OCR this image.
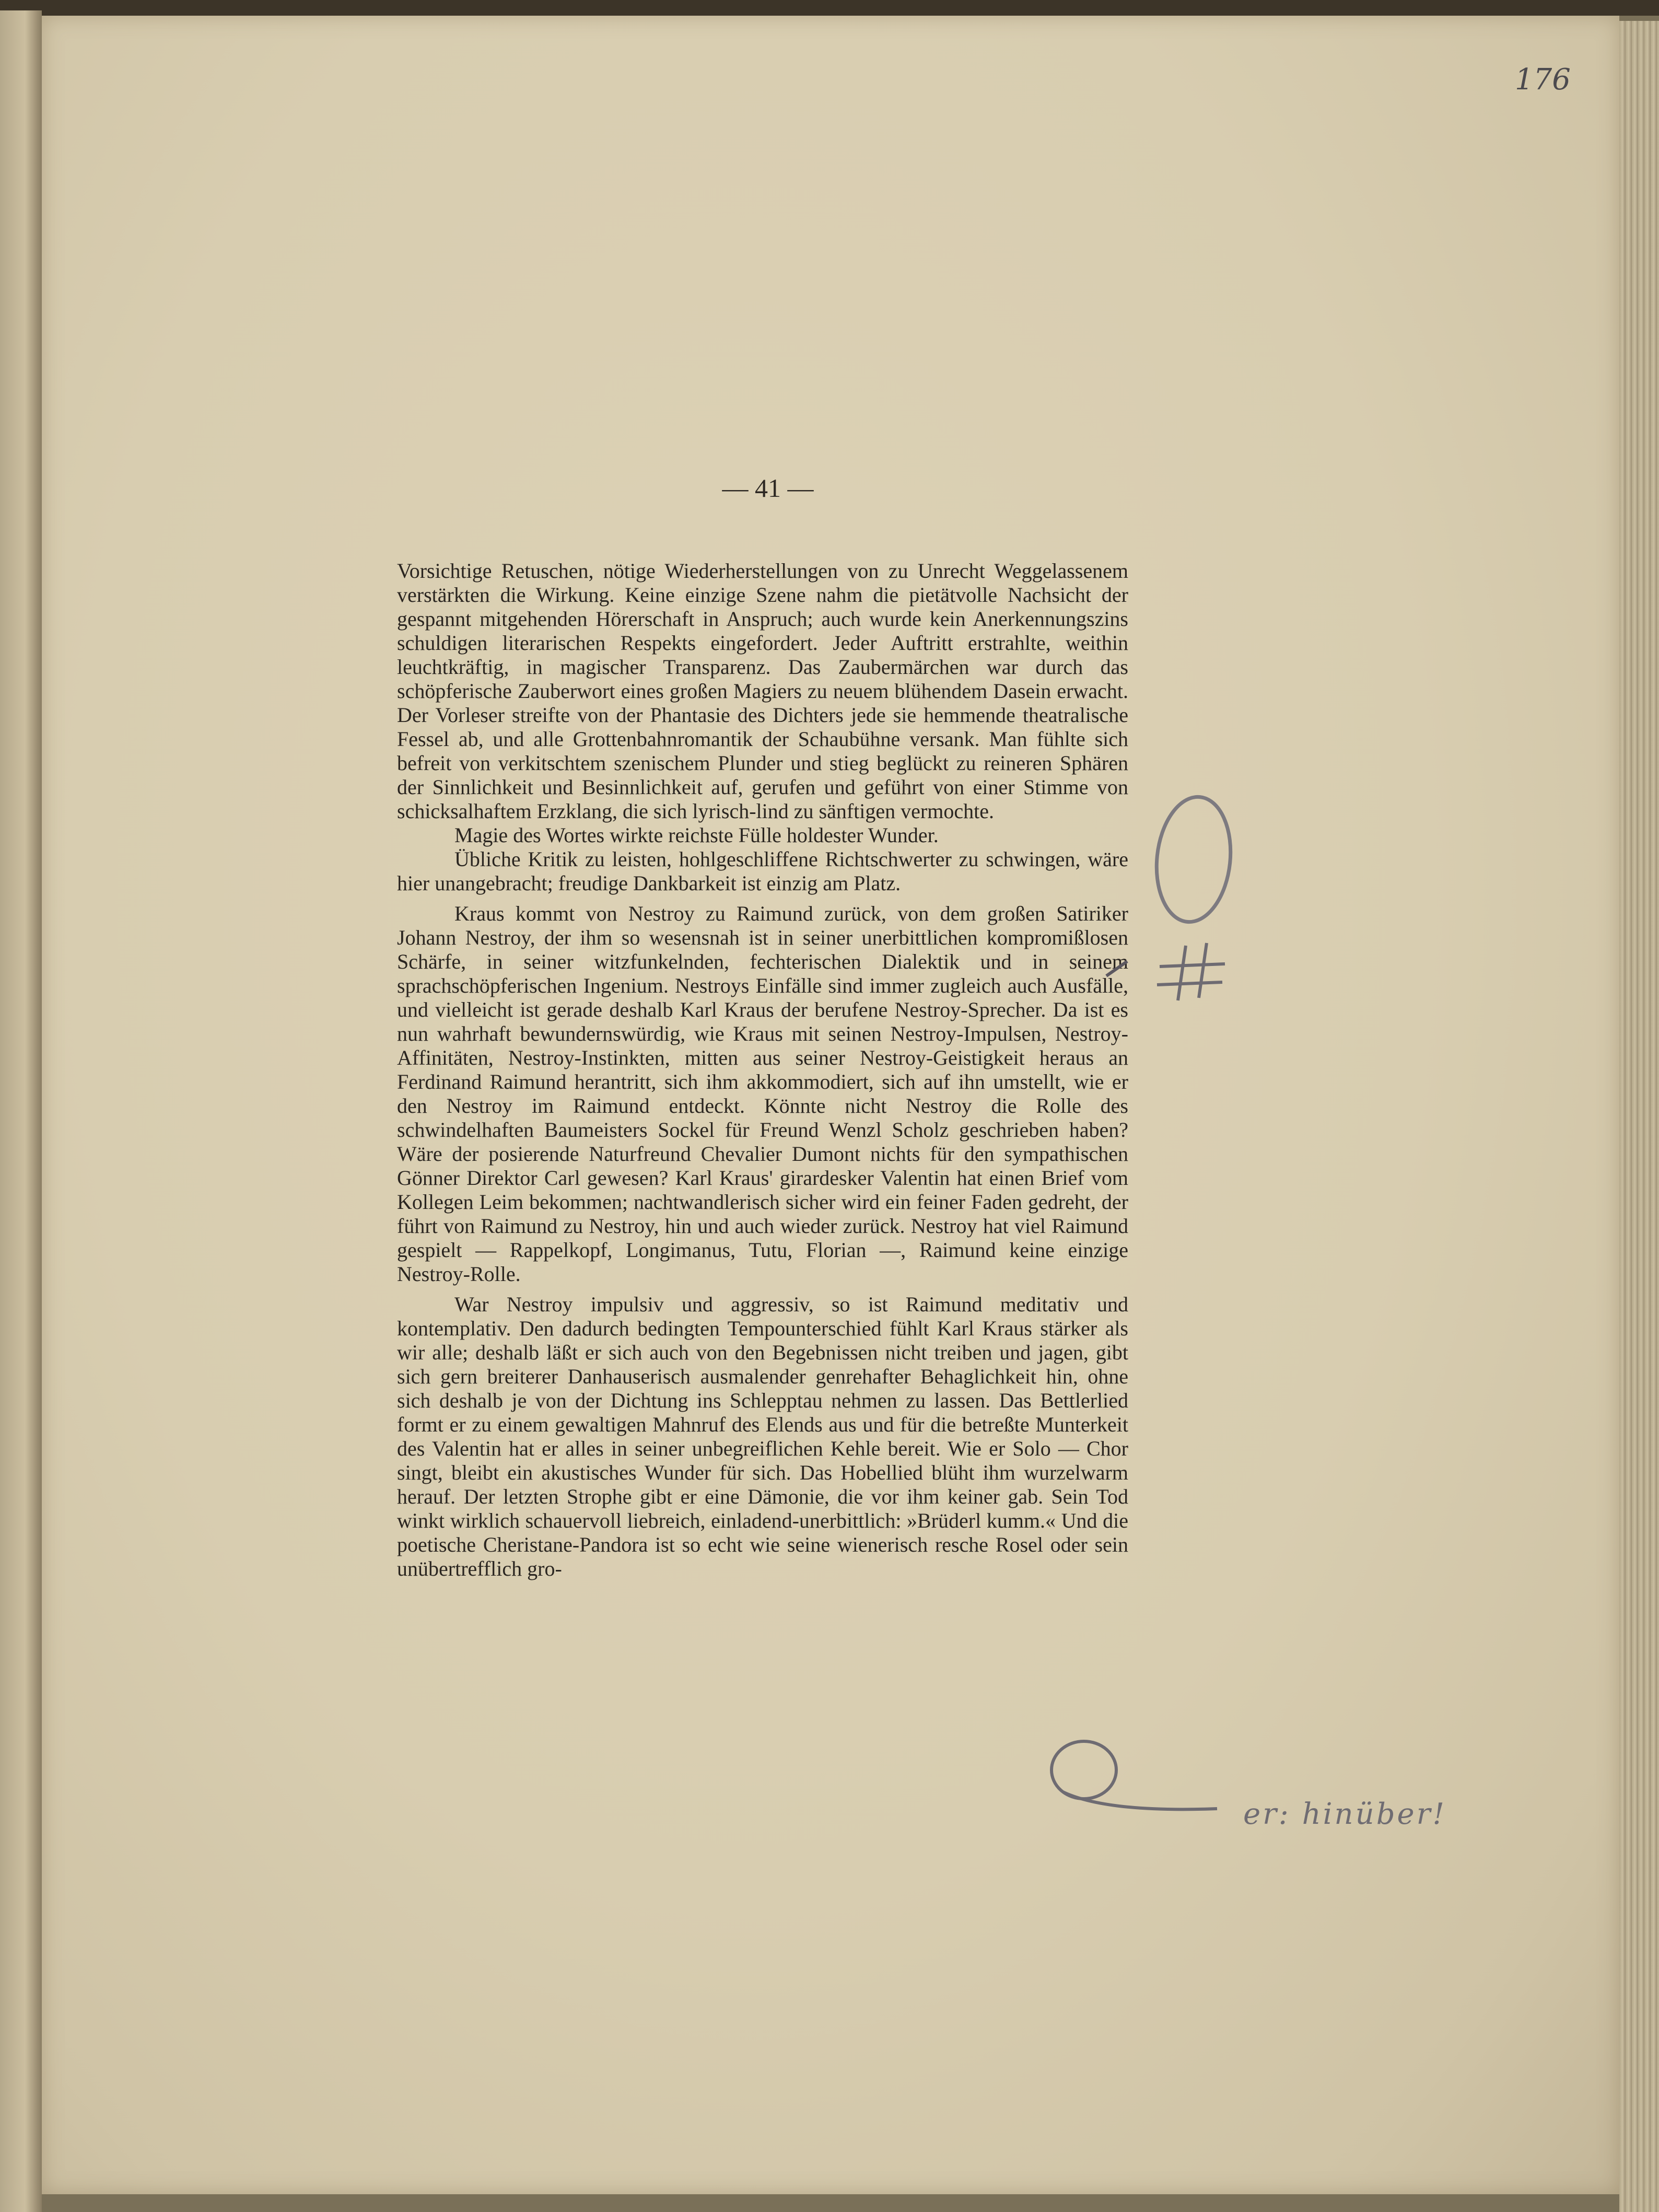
176
— 41 —

Vorsichtige Retuschen, nötige Wiederherstellungen von zu Unrecht Weggelassenem verstärkten die Wirkung. Keine einzige Szene nahm die pietätvolle Nachsicht der gespannt mitgehenden Hörerschaft in Anspruch; auch wurde kein Anerkennungszins schuldigen literarischen Respekts eingefordert. Jeder Auftritt erstrahlte, weithin leuchtkräftig, in magischer Transparenz. Das Zaubermärchen war durch das schöpferische Zauberwort eines großen Magiers zu neuem blühendem Dasein erwacht. Der Vorleser streifte von der Phantasie des Dichters jede sie hemmende theatralische Fessel ab, und alle Grottenbahnromantik der Schaubühne versank. Man fühlte sich befreit von verkitschtem szenischem Plunder und stieg beglückt zu reineren Sphären der Sinnlichkeit und Besinnlichkeit auf, gerufen und geführt von einer Stimme von schicksalhaftem Erzklang, die sich lyrisch-lind zu sänftigen vermochte.

Magie des Wortes wirkte reichste Fülle holdester Wunder.

Übliche Kritik zu leisten, hohlgeschliffene Richtschwerter zu schwingen, wäre hier unangebracht; freudige Dankbarkeit ist einzig am Platz.

Kraus kommt von Nestroy zu Raimund zurück, von dem großen Satiriker Johann Nestroy, der ihm so wesensnah ist in seiner unerbittlichen kompromißlosen Schärfe, in seiner witzfunkelnden, fechterischen Dialektik und in seinem sprachschöpferischen Ingenium. Nestroys Einfälle sind immer zugleich auch Ausfälle, und vielleicht ist gerade deshalb Karl Kraus der berufene Nestroy-Sprecher. Da ist es nun wahrhaft bewundernswürdig, wie Kraus mit seinen Nestroy-Impulsen, Nestroy-Affinitäten, Nestroy-Instinkten, mitten aus seiner Nestroy-Geistigkeit heraus an Ferdinand Raimund herantritt, sich ihm akkommodiert, sich auf ihn umstellt, wie er den Nestroy im Raimund entdeckt. Könnte nicht Nestroy die Rolle des schwindelhaften Baumeisters Sockel für Freund Wenzl Scholz geschrieben haben? Wäre der posierende Naturfreund Chevalier Dumont nichts für den sympathischen Gönner Direktor Carl gewesen? Karl Kraus' girardesker Valentin hat einen Brief vom Kollegen Leim bekommen; nachtwandlerisch sicher wird ein feiner Faden gedreht, der führt von Raimund zu Nestroy, hin und auch wieder zurück. Nestroy hat viel Raimund gespielt — Rappelkopf, Longimanus, Tutu, Florian —, Raimund keine einzige Nestroy-Rolle.

War Nestroy impulsiv und aggressiv, so ist Raimund meditativ und kontemplativ. Den dadurch bedingten Tempounterschied fühlt Karl Kraus stärker als wir alle; deshalb läßt er sich auch von den Begebnissen nicht treiben und jagen, gibt sich gern breiterer Danhauserisch ausmalender genrehafter Behaglichkeit hin, ohne sich deshalb je von der Dichtung ins Schlepptau nehmen zu lassen. Das Bettlerlied formt er zu einem gewaltigen Mahnruf des Elends aus und für die betreßte Munterkeit des Valentin hat er alles in seiner unbegreiflichen Kehle bereit. Wie er Solo — Chor singt, bleibt ein akustisches Wunder für sich. Das Hobellied blüht ihm wurzelwarm herauf. Der letzten Strophe gibt er eine Dämonie, die vor ihm keiner gab. Sein Tod winkt wirklich schauervoll liebreich, einladend-unerbittlich: »Brüderl kumm.« Und die poetische Cheristane-Pandora ist so echt wie seine wienerisch resche Rosel oder sein unübertrefflich gro-

er: hinüber!
